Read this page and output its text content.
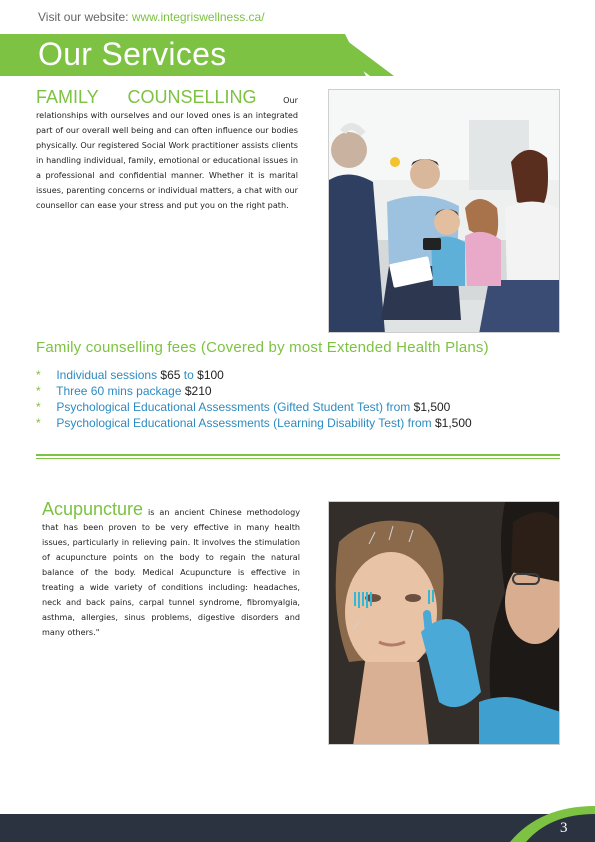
Visit our website: www.integriswellness.ca/
Our Services
FAMILY COUNSELLING	Our relationships with ourselves and our loved ones is an integrated part of our overall well being and can often influence our bodies physically. Our registered Social Work practitioner assists clients in handling individual, family, emotional or educational issues in a professional and confidential manner. Whether it is marital issues, parenting concerns or individual matters, a chat with our counsellor can ease your stress and put you on the right path.
Family counselling fees (Covered by most Extended Health Plans)
* Individual sessions $65 to $100
* Three 60 mins package $210
* Psychological Educational Assessments (Gifted Student Test) from $1,500
* Psychological Educational Assessments (Learning Disability Test) from $1,500
Acupuncture is an ancient Chinese methodology that has been proven to be very effective in many health issues, particularly in relieving pain. It involves the stimulation of acupuncture points on the body to regain the natural balance of the body. Medical Acupuncture is effective in treating a wide variety of conditions including: headaches, neck and back pains, carpal tunnel syndrome, fibromyalgia, asthma, allergies, sinus problems, digestive disorders and many others."
3
